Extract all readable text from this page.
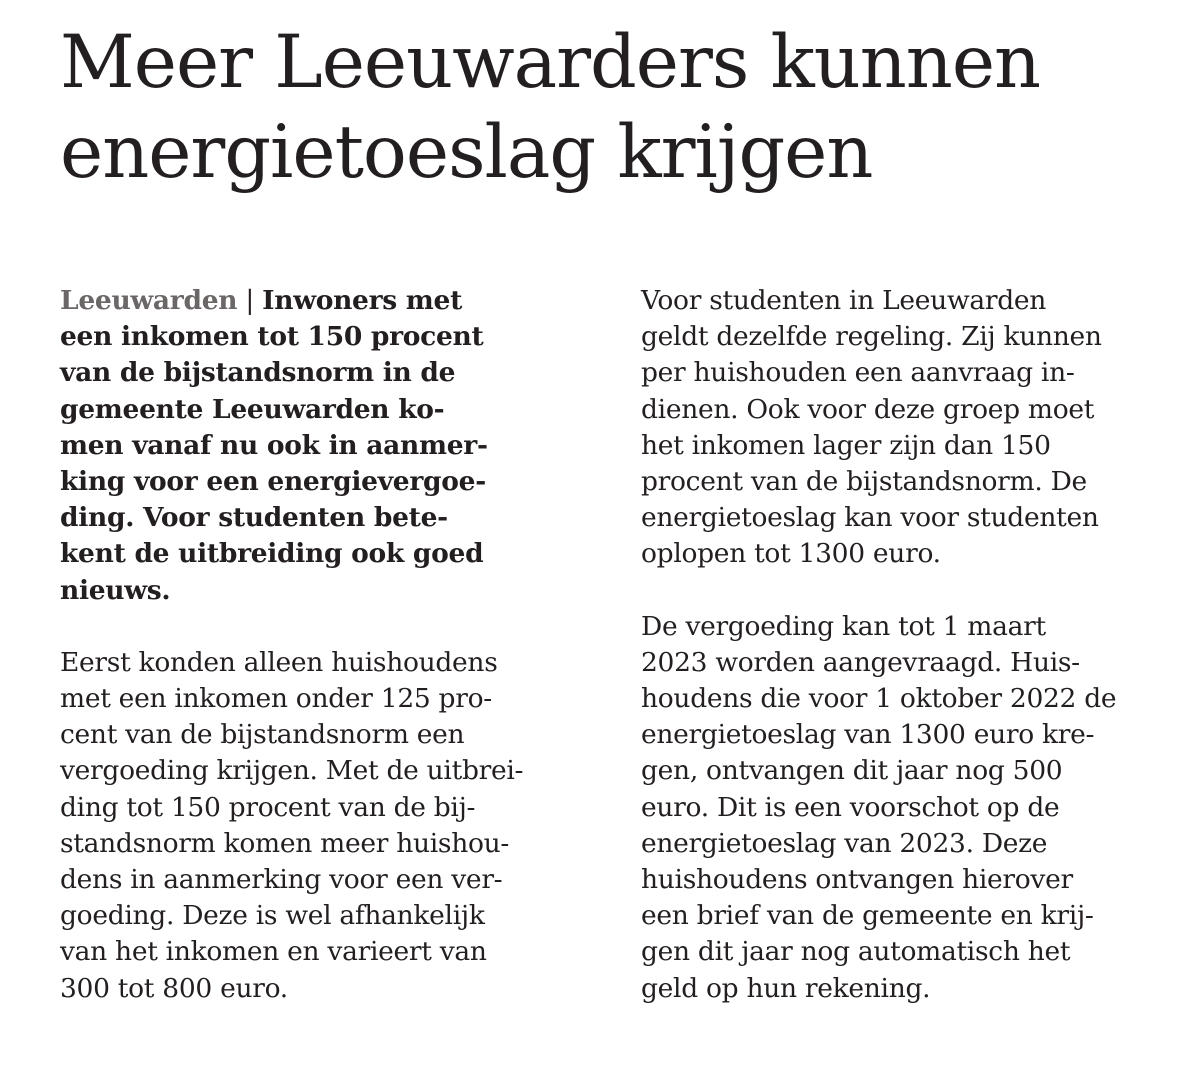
Meer Leeuwarders kunnen
energietoeslag krijgen
Leeuwarden | Inwoners met
een inkomen tot 150 procent
van de bijstandsnorm in de
gemeente Leeuwarden ko-
men vanaf nu ook in aanmer-
king voor een energievergoe-
ding. Voor studenten bete-
kent de uitbreiding ook goed
nieuws.
Eerst konden alleen huishoudens
met een inkomen onder 125 pro-
cent van de bijstandsnorm een
vergoeding krijgen. Met de uitbrei-
ding tot 150 procent van de bij-
standsnorm komen meer huishou-
dens in aanmerking voor een ver-
goeding. Deze is wel afhankelijk
van het inkomen en varieert van
300 tot 800 euro.
Voor studenten in Leeuwarden
geldt dezelfde regeling. Zij kunnen
per huishouden een aanvraag in-
dienen. Ook voor deze groep moet
het inkomen lager zijn dan 150
procent van de bijstandsnorm. De
energietoeslag kan voor studenten
oplopen tot 1300 euro.
De vergoeding kan tot 1 maart
2023 worden aangevraagd. Huis-
houdens die voor 1 oktober 2022 de
energietoeslag van 1300 euro kre-
gen, ontvangen dit jaar nog 500
euro. Dit is een voorschot op de
energietoeslag van 2023. Deze
huishoudens ontvangen hierover
een brief van de gemeente en krij-
gen dit jaar nog automatisch het
geld op hun rekening.
